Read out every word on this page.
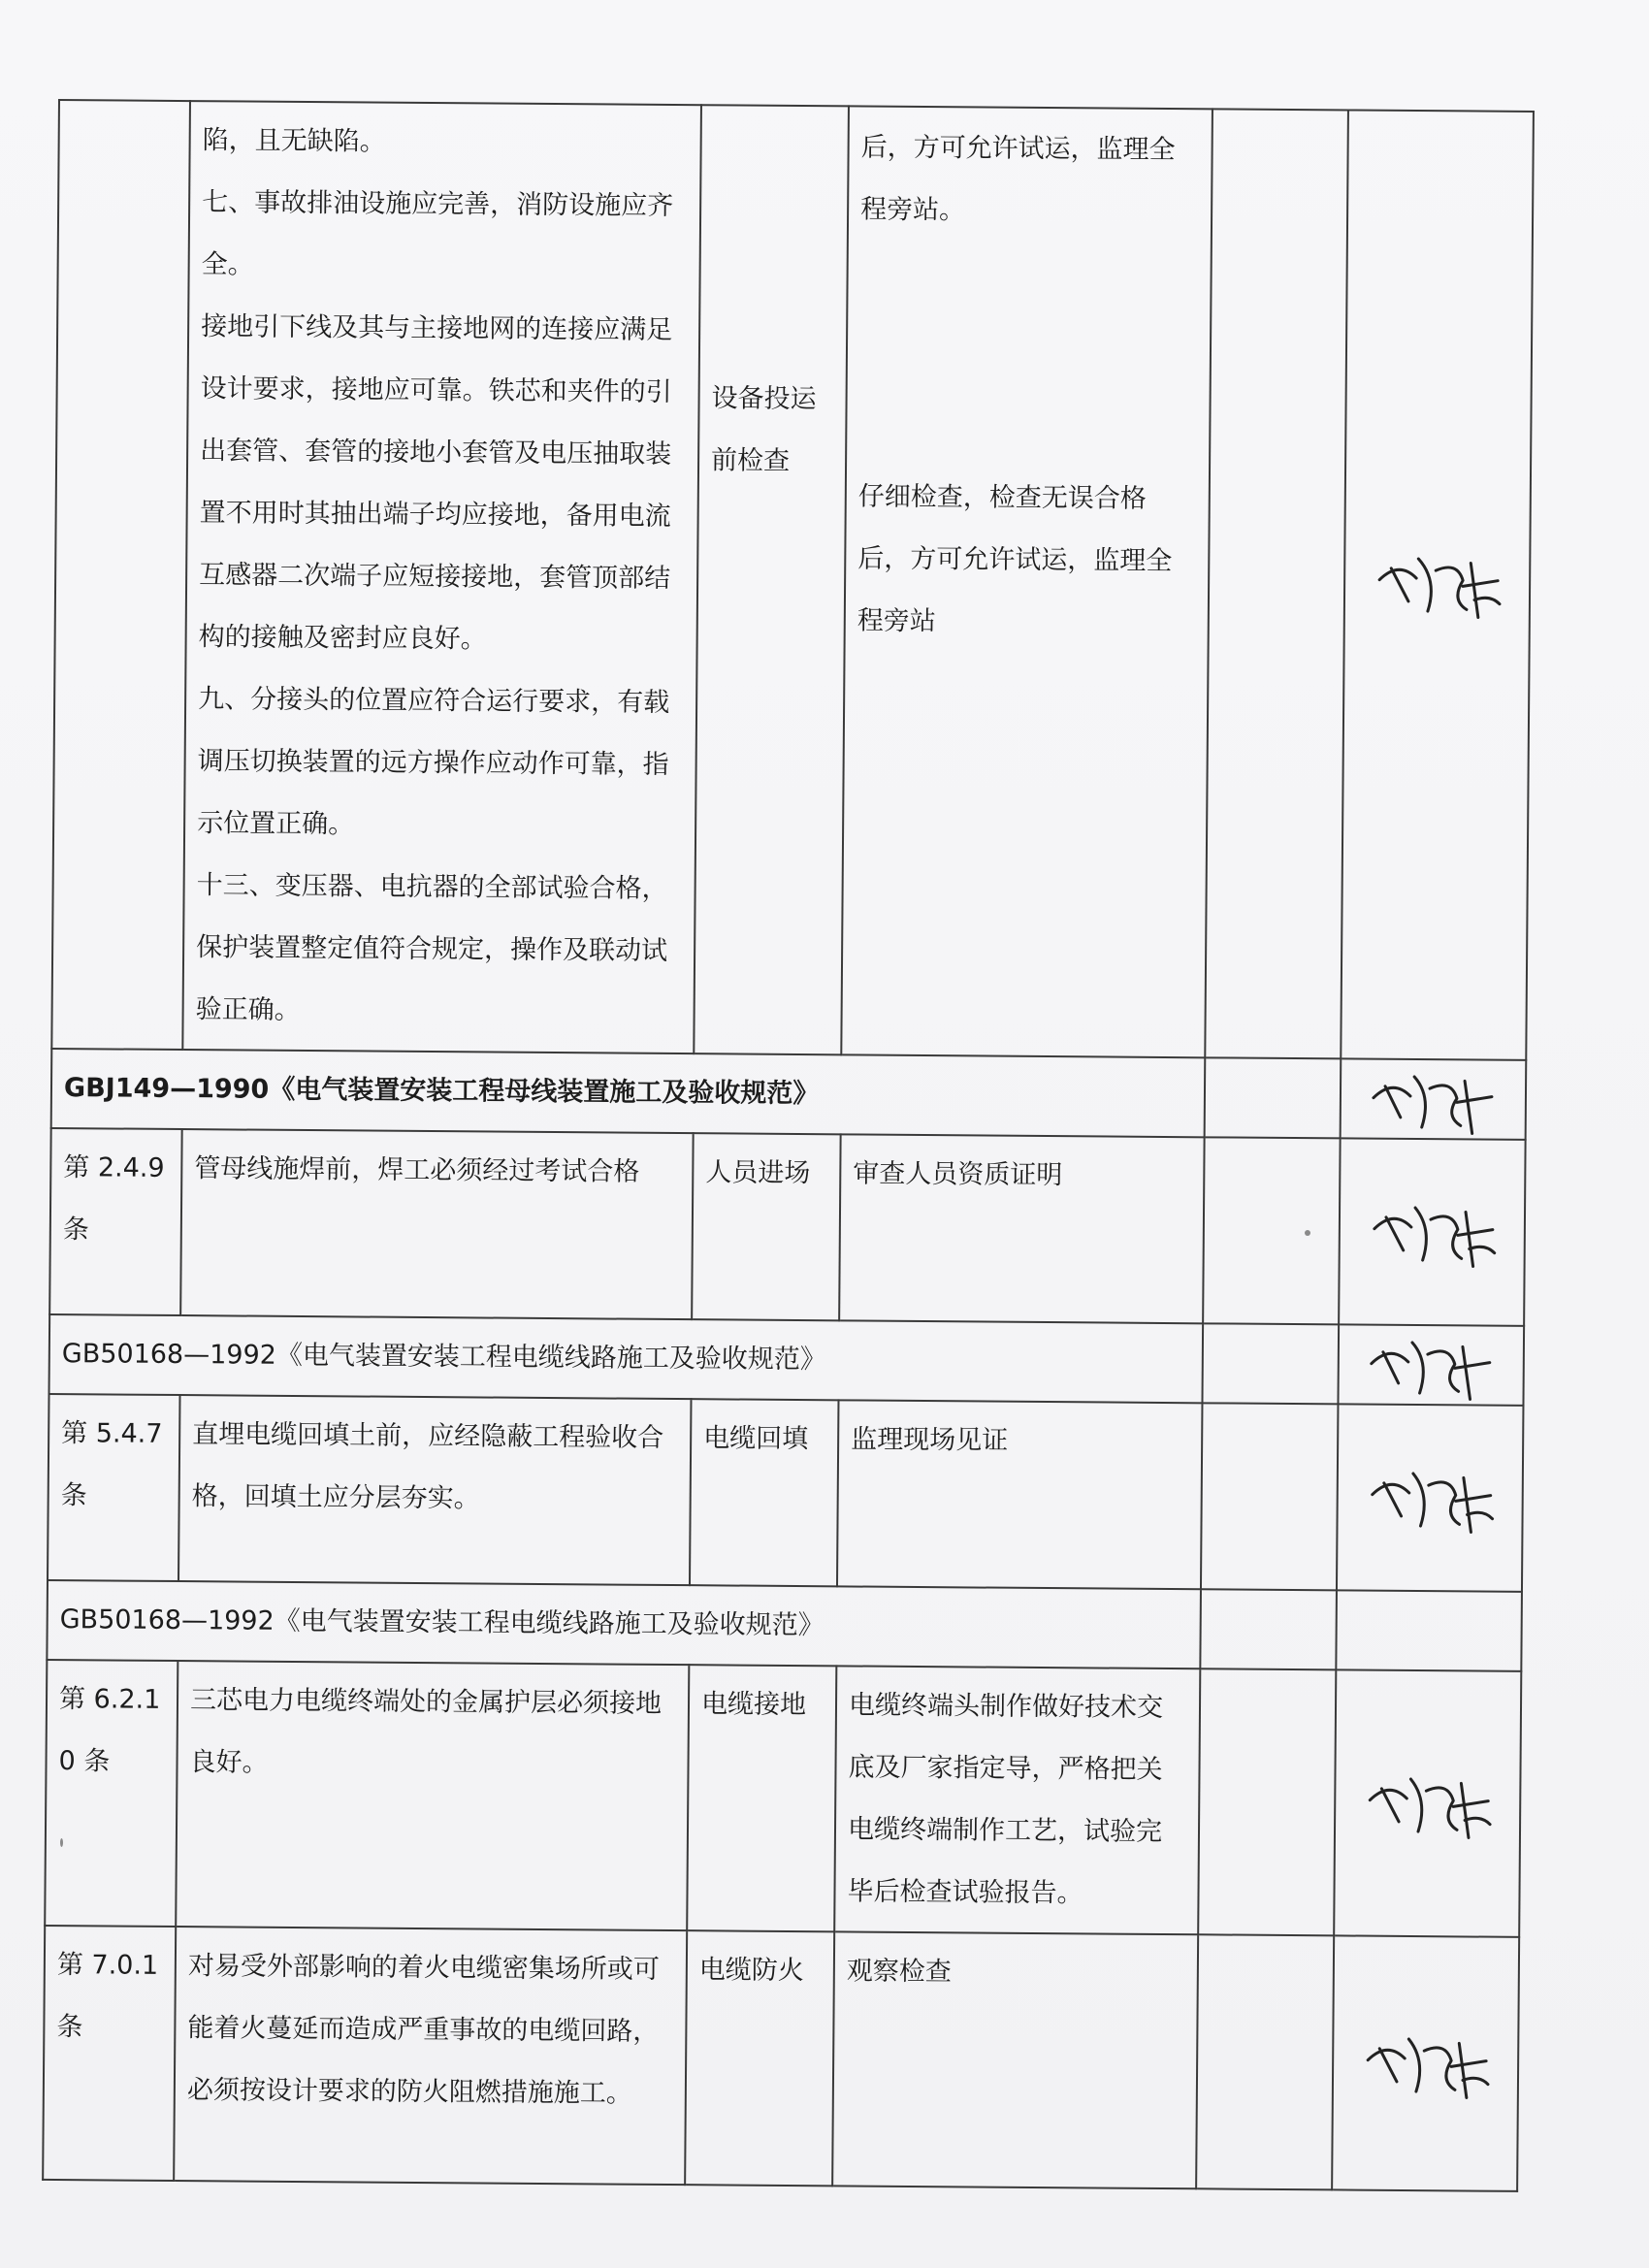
	陷，且无缺陷。
七、事故排油设施应完善，消防设施应齐全。
接地引下线及其与主接地网的连接应满足设计要求，接地应可靠。铁芯和夹件的引出套管、套管的接地小套管及电压抽取装置不用时其抽出端子均应接地，备用电流互感器二次端子应短接接地，套管顶部结构的接触及密封应良好。
九、分接头的位置应符合运行要求，有载调压切换装置的远方操作应动作可靠，指示位置正确。
十三、变压器、电抗器的全部试验合格，保护装置整定值符合规定，操作及联动试验正确。	设备投运前检查	后，方可允许试运，监理全程旁站。
仔细检查，检查无误合格后，方可允许试运，监理全程旁站

GBJ149—1990《电气装置安装工程母线装置施工及验收规范》		

第 2.4.9 条	管母线施焊前，焊工必须经过考试合格	人员进场	审查人员资质证明		

GB50168—1992《电气装置安装工程电缆线路施工及验收规范》		

第 5.4.7 条	直埋电缆回填土前，应经隐蔽工程验收合格，回填土应分层夯实。	电缆回填	监理现场见证		

GB50168—1992《电气装置安装工程电缆线路施工及验收规范》					
第 6.2.10 条	三芯电力电缆终端处的金属护层必须接地良好。	电缆接地	电缆终端头制作做好技术交底及厂家指定导，严格把关电缆终端制作工艺，试验完毕后检查试验报告。		

第 7.0.1 条	对易受外部影响的着火电缆密集场所或可能着火蔓延而造成严重事故的电缆回路，必须按设计要求的防火阻燃措施施工。	电缆防火	观察检查		
